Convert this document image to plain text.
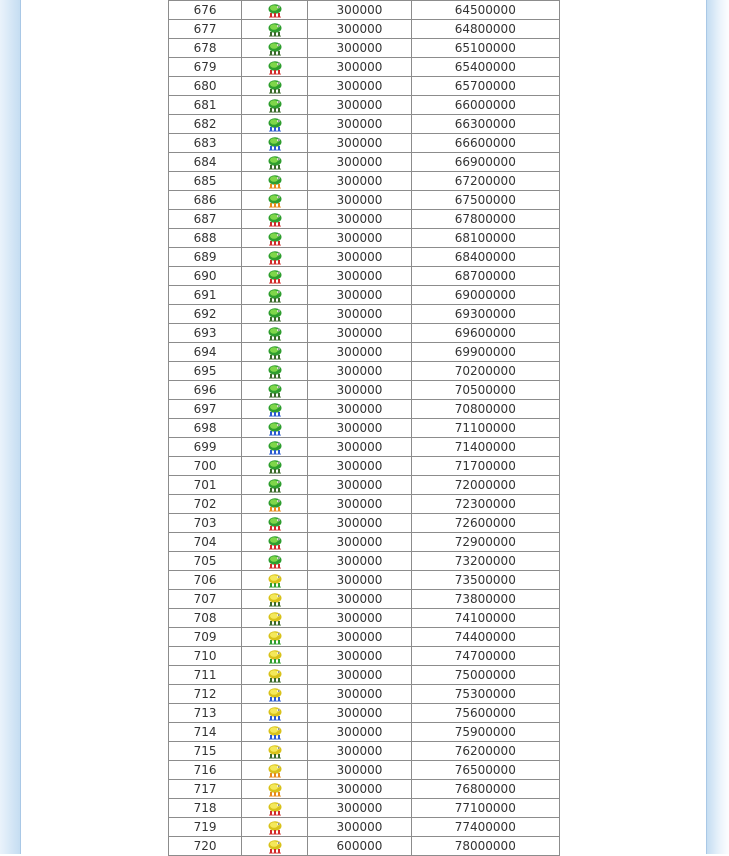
676		300000	64500000
677		300000	64800000
678		300000	65100000
679		300000	65400000
680		300000	65700000
681		300000	66000000
682		300000	66300000
683		300000	66600000
684		300000	66900000
685		300000	67200000
686		300000	67500000
687		300000	67800000
688		300000	68100000
689		300000	68400000
690		300000	68700000
691		300000	69000000
692		300000	69300000
693		300000	69600000
694		300000	69900000
695		300000	70200000
696		300000	70500000
697		300000	70800000
698		300000	71100000
699		300000	71400000
700		300000	71700000
701		300000	72000000
702		300000	72300000
703		300000	72600000
704		300000	72900000
705		300000	73200000
706		300000	73500000
707		300000	73800000
708		300000	74100000
709		300000	74400000
710		300000	74700000
711		300000	75000000
712		300000	75300000
713		300000	75600000
714		300000	75900000
715		300000	76200000
716		300000	76500000
717		300000	76800000
718		300000	77100000
719		300000	77400000
720		600000	78000000
